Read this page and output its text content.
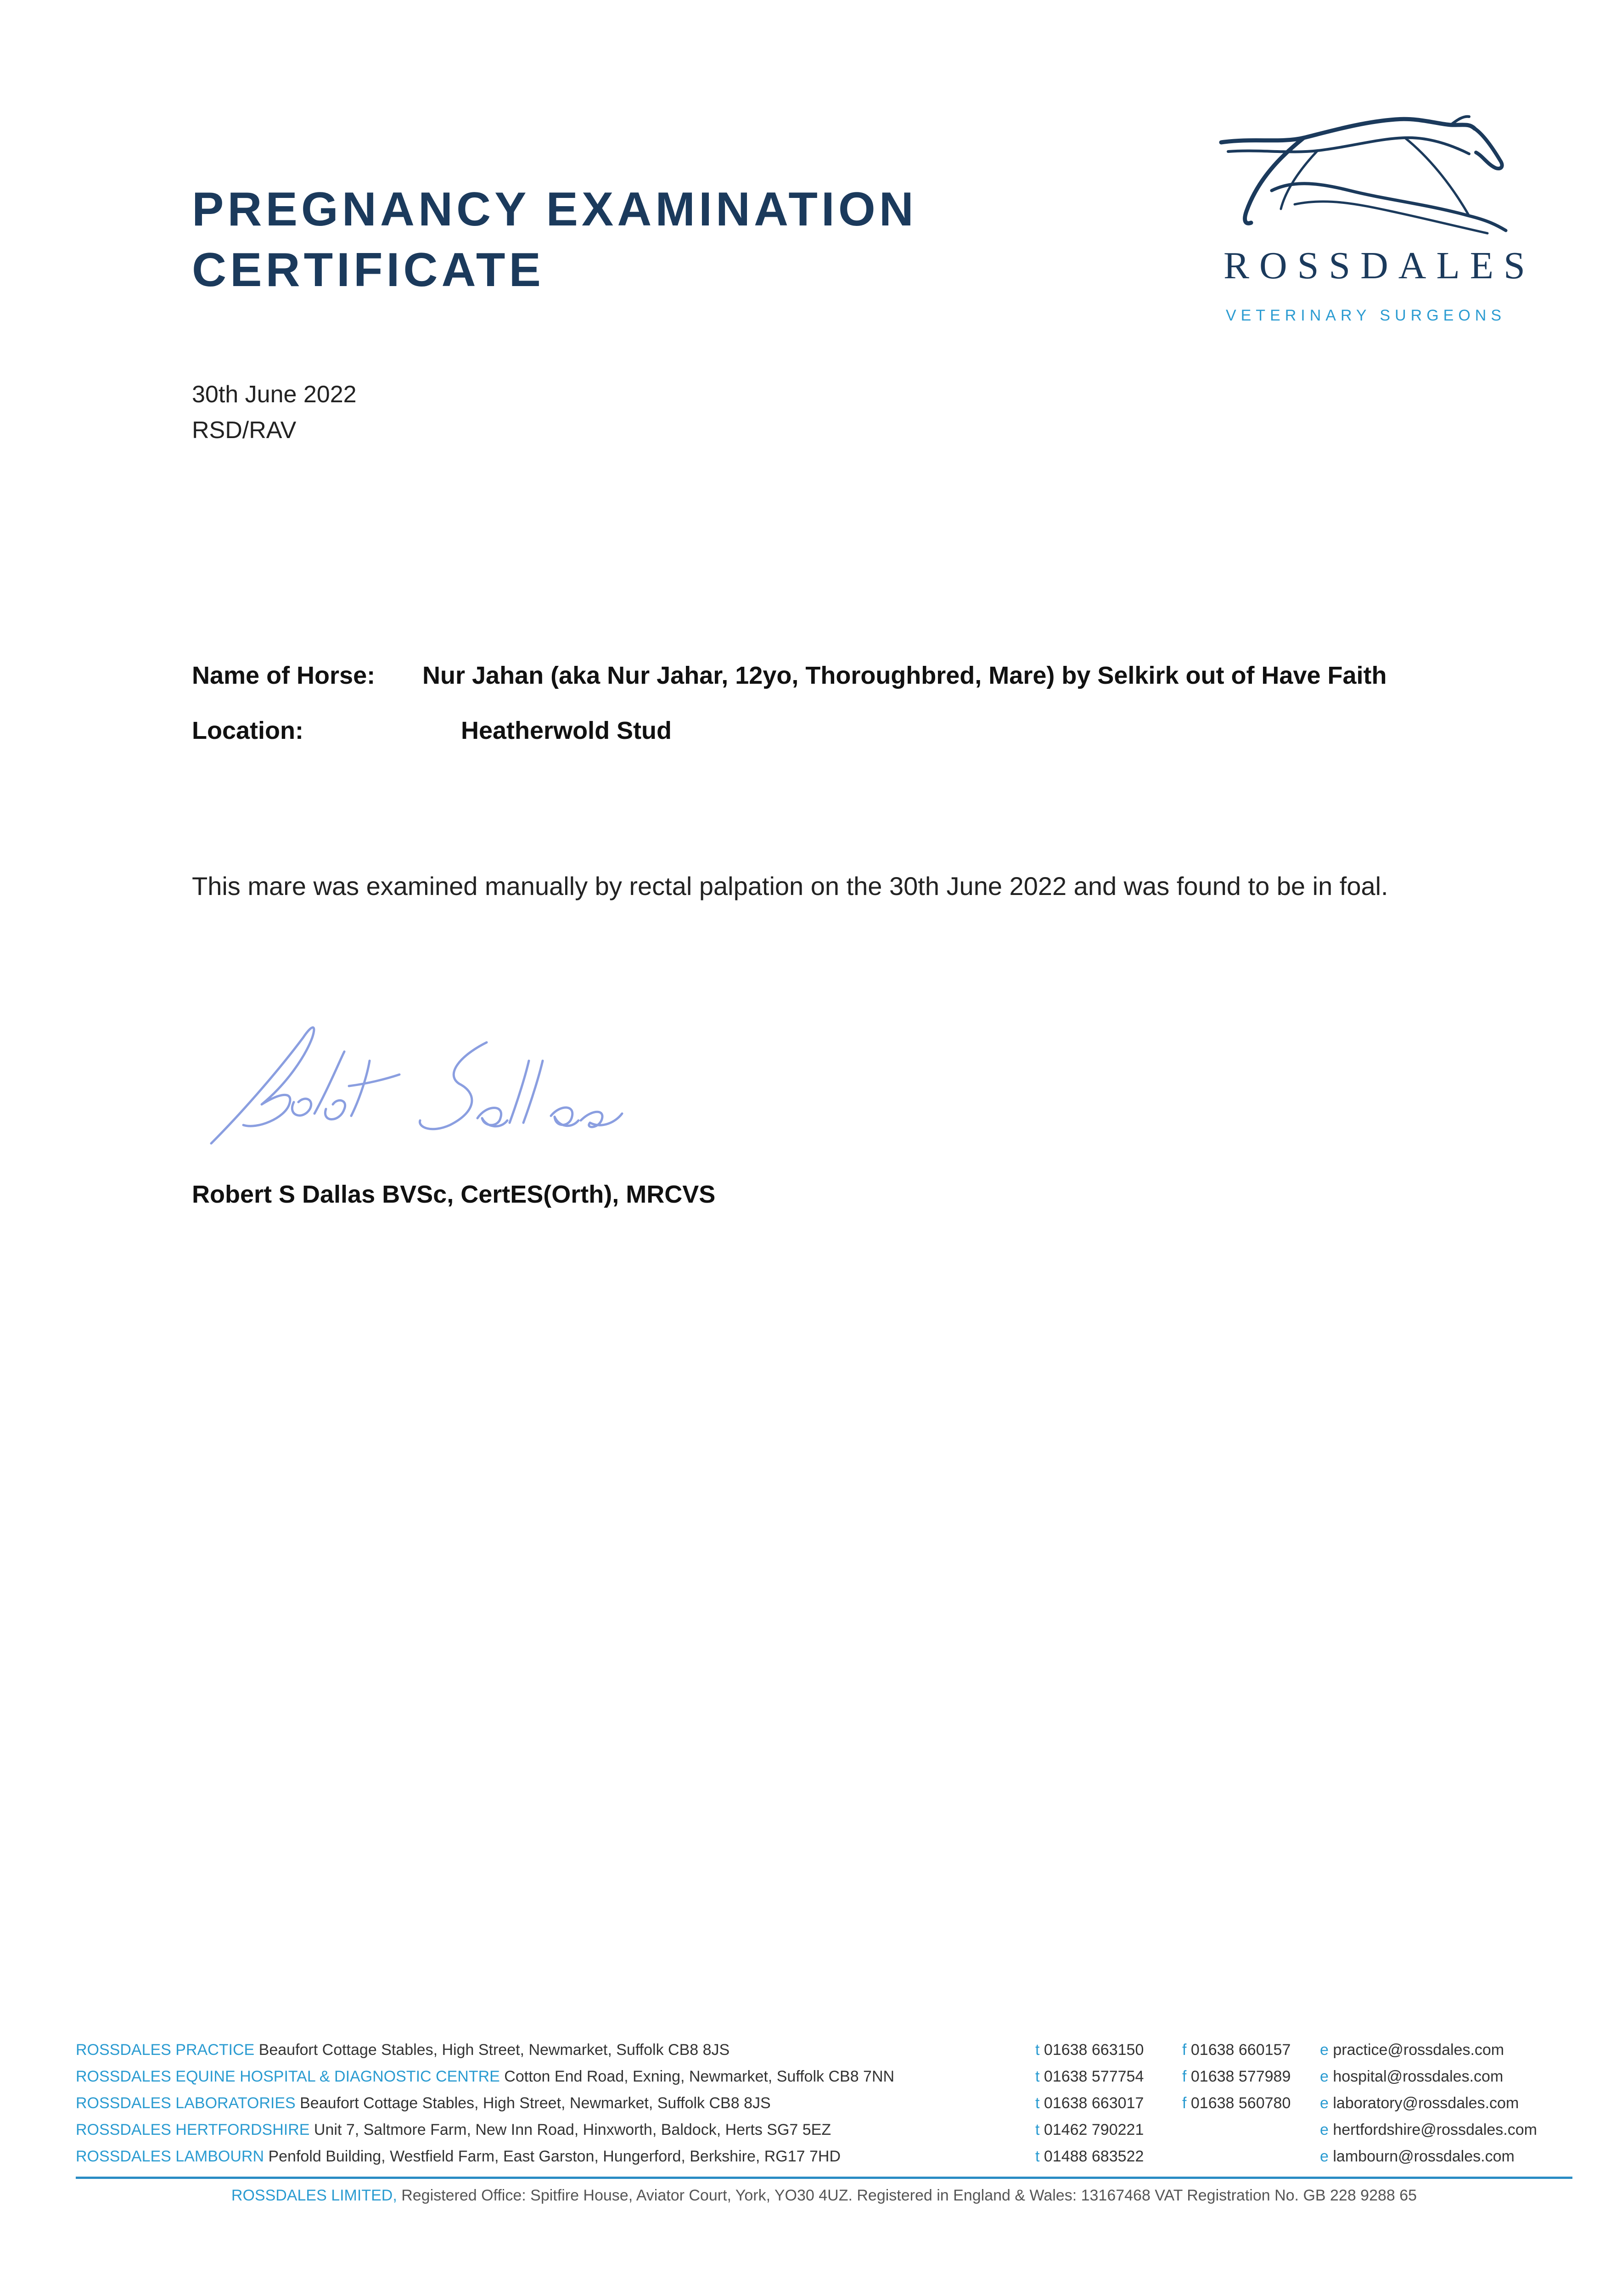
PREGNANCY EXAMINATION
CERTIFICATE	ROSSDALES
VETERINARY SURGEONS
30th June 2022
RSD/RAV
Name of Horse: Nur Jahan (aka Nur Jahar, 12yo, Thoroughbred, Mare) by Selkirk out of Have Faith
Location:	Heatherwold Stud
This mare was examined manually by rectal palpation on the 30th June 2022 and was found to be in foal.
Robert S Dallas BVSc, CertES(Orth), MRCVS
ROSSDALES PRACTICE Beaufort Cottage Stables, High Street, Newmarket, Suffolk CB8 8JS	t 01638 663150 f 01638 660157 e practice@rossdales.com
ROSSDALES EQUINE HOSPITAL & DIAGNOSTIC CENTRE Cotton End Road, Exning, Newmarket, Suffolk CB8 7NN	t 01638 577754 f 01638 577989 e hospital@rossdales.com
ROSSDALES LABORATORIES Beaufort Cottage Stables, High Street, Newmarket, Suffolk CB8 8JS	t 01638 663017 f 01638 560780 e laboratory@rossdales.com
ROSSDALES HERTFORDSHIRE Unit 7, Saltmore Farm, New Inn Road, Hinxworth, Baldock, Herts SG7 5EZ	t 01462 790221	e hertfordshire@rossdales.com
ROSSDALES LAMBOURN Penfold Building, Westfield Farm, East Garston, Hungerford, Berkshire, RG17 7HD	t 01488 683522	e lambourn@rossdales.com
ROSSDALES LIMITED, Registered Office: Spitfire House, Aviator Court, York, YO30 4UZ. Registered in England & Wales: 13167468 VAT Registration No. GB 228 9288 65
